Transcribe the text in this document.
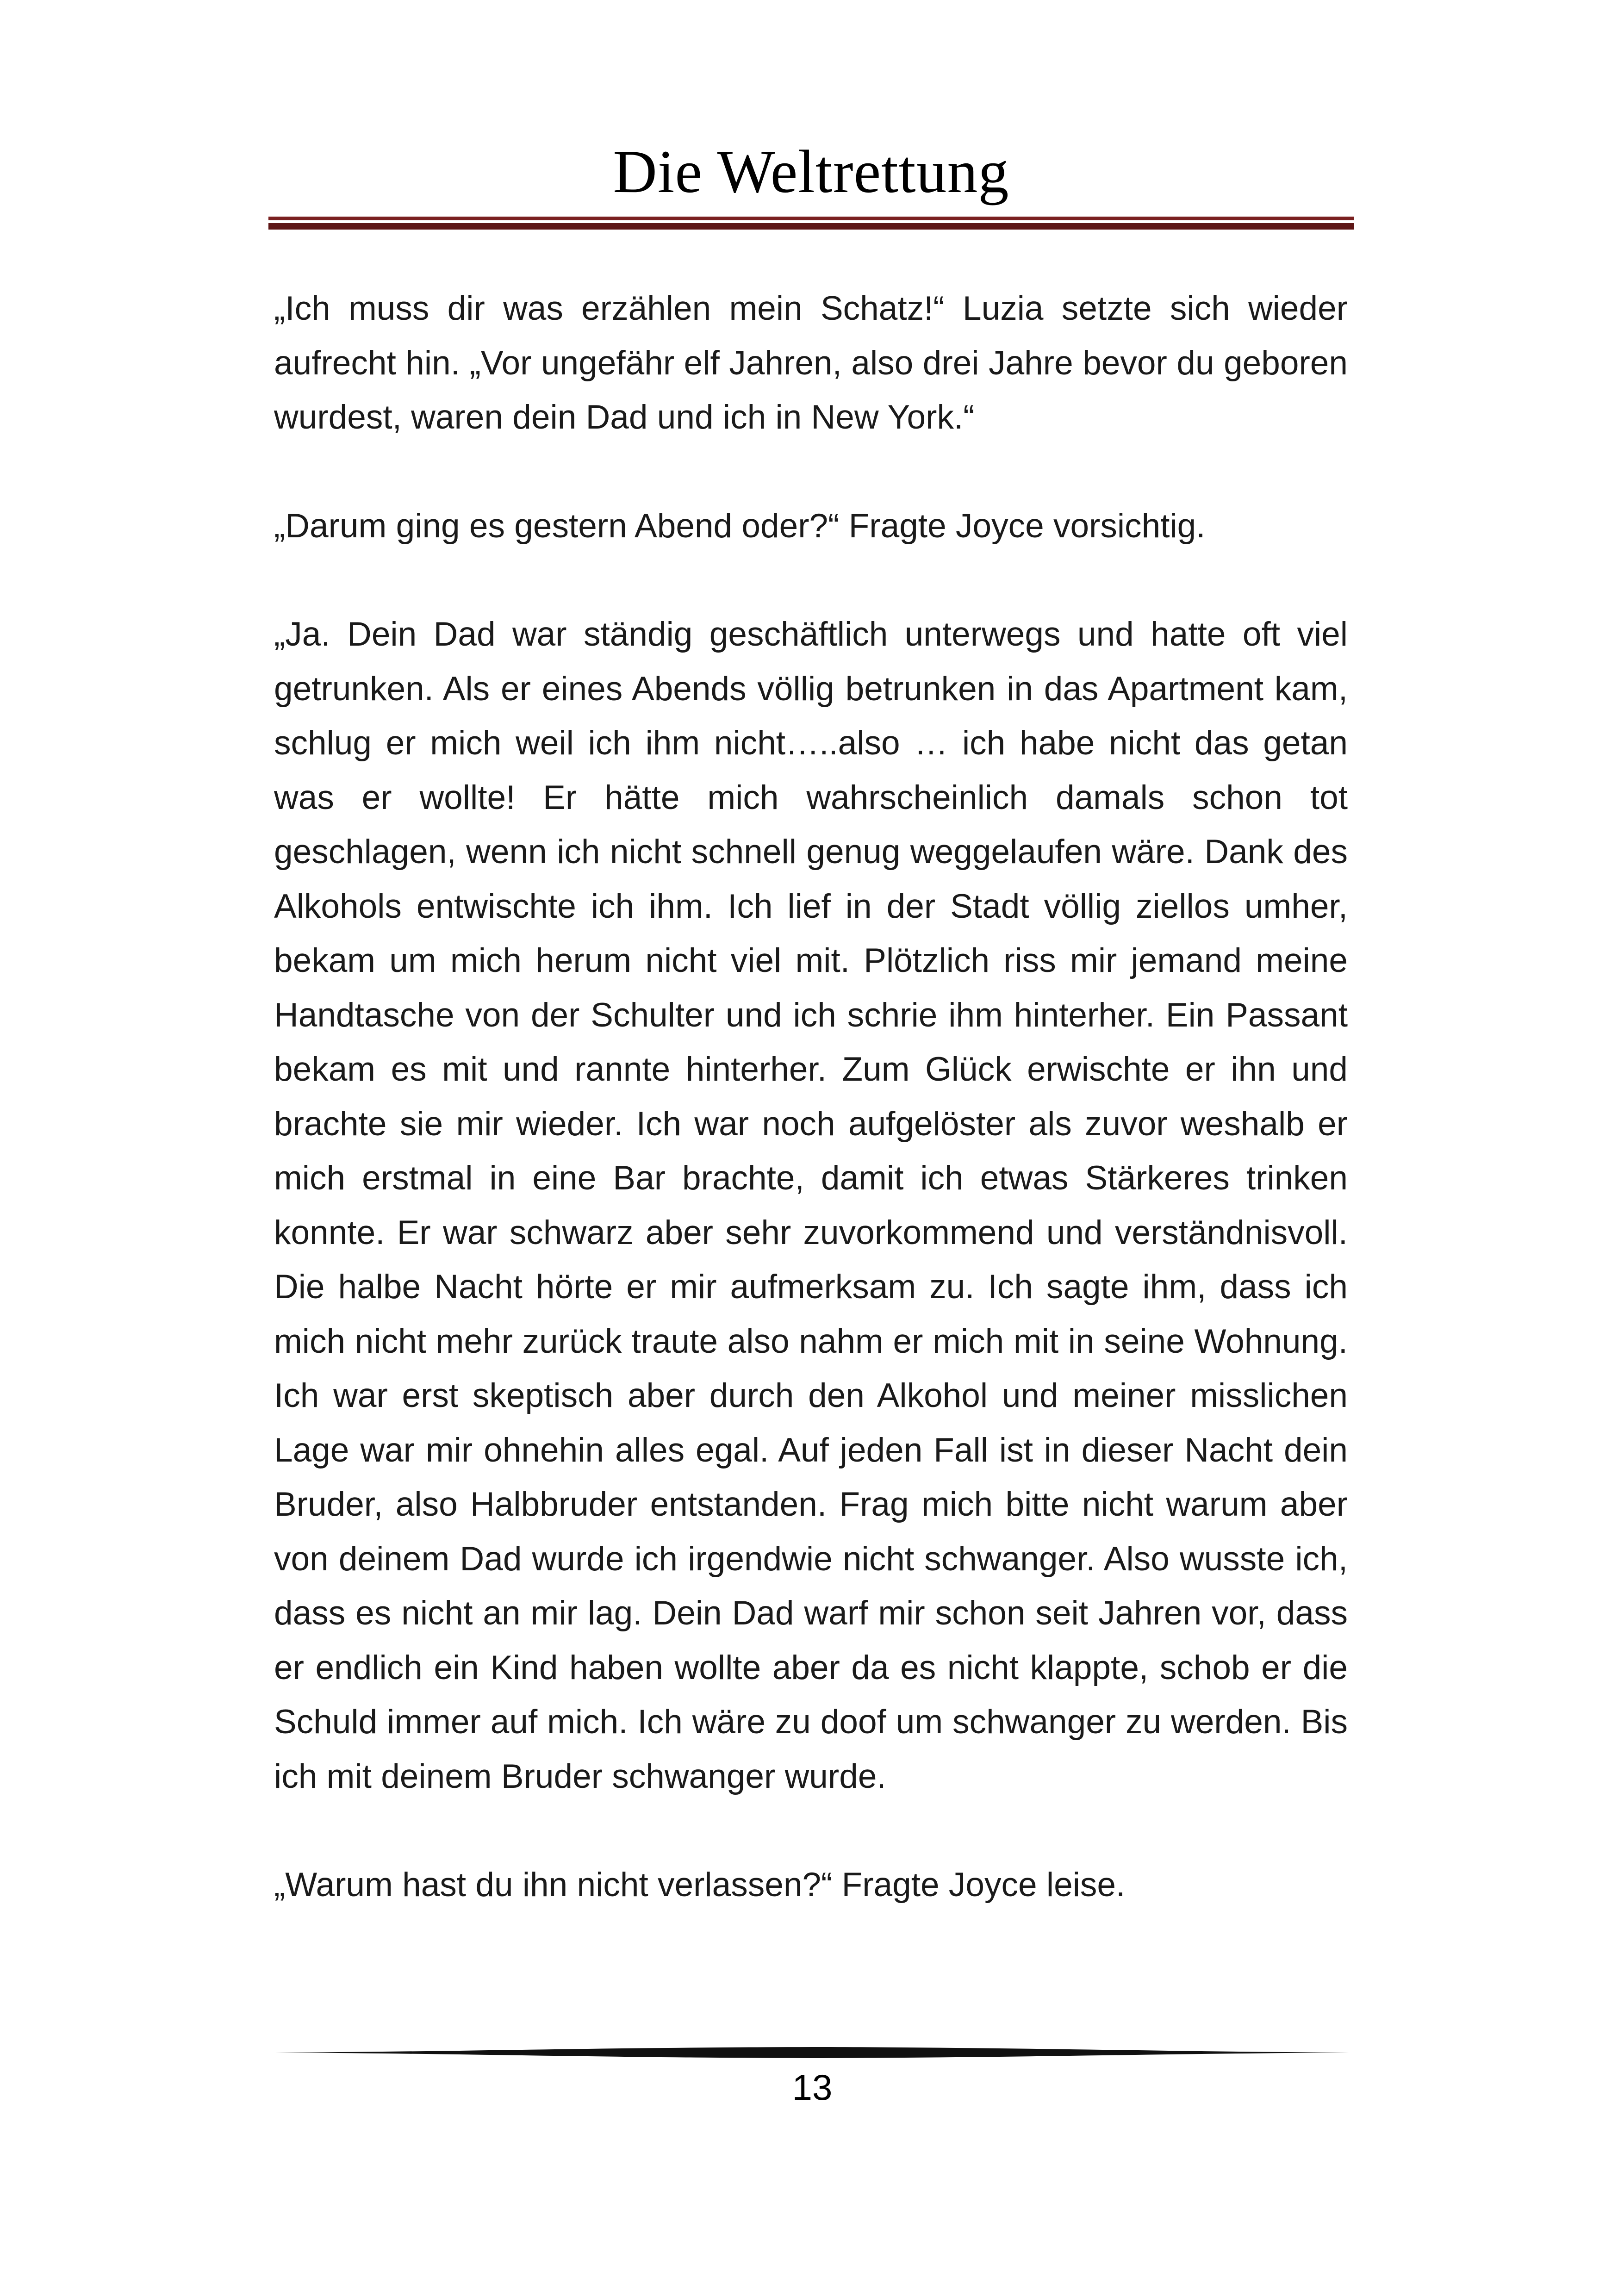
Die Weltrettung

„Ich muss dir was erzählen mein Schatz!“ Luzia setzte sich wieder aufrecht hin. „Vor ungefähr elf Jahren, also drei Jahre bevor du geboren wurdest, waren dein Dad und ich in New York.“

„Darum ging es gestern Abend oder?“ Fragte Joyce vorsichtig.

„Ja. Dein Dad war ständig geschäftlich unterwegs und hatte oft viel getrunken. Als er eines Abends völlig betrunken in das Apartment kam, schlug er mich weil ich ihm nicht…..also … ich habe nicht das getan was er wollte! Er hätte mich wahrscheinlich damals schon tot geschlagen, wenn ich nicht schnell genug weggelaufen wäre. Dank des Alkohols entwischte ich ihm. Ich lief in der Stadt völlig ziellos umher, bekam um mich herum nicht viel mit. Plötzlich riss mir jemand meine Handtasche von der Schulter und ich schrie ihm hinterher. Ein Passant bekam es mit und rannte hinterher. Zum Glück erwischte er ihn und brachte sie mir wieder. Ich war noch aufgelöster als zuvor weshalb er mich erstmal in eine Bar brachte, damit ich etwas Stärkeres trinken konnte. Er war schwarz aber sehr zuvorkommend und verständnisvoll. Die halbe Nacht hörte er mir aufmerksam zu. Ich sagte ihm, dass ich mich nicht mehr zurück traute also nahm er mich mit in seine Wohnung. Ich war erst skeptisch aber durch den Alkohol und meiner misslichen Lage war mir ohnehin alles egal. Auf jeden Fall ist in dieser Nacht dein Bruder, also Halbbruder entstanden. Frag mich bitte nicht warum aber von deinem Dad wurde ich irgendwie nicht schwanger. Also wusste ich, dass es nicht an mir lag. Dein Dad warf mir schon seit Jahren vor, dass er endlich ein Kind haben wollte aber da es nicht klappte, schob er die Schuld immer auf mich. Ich wäre zu doof um schwanger zu werden. Bis ich mit deinem Bruder schwanger wurde.

„Warum hast du ihn nicht verlassen?“ Fragte Joyce leise.

13
